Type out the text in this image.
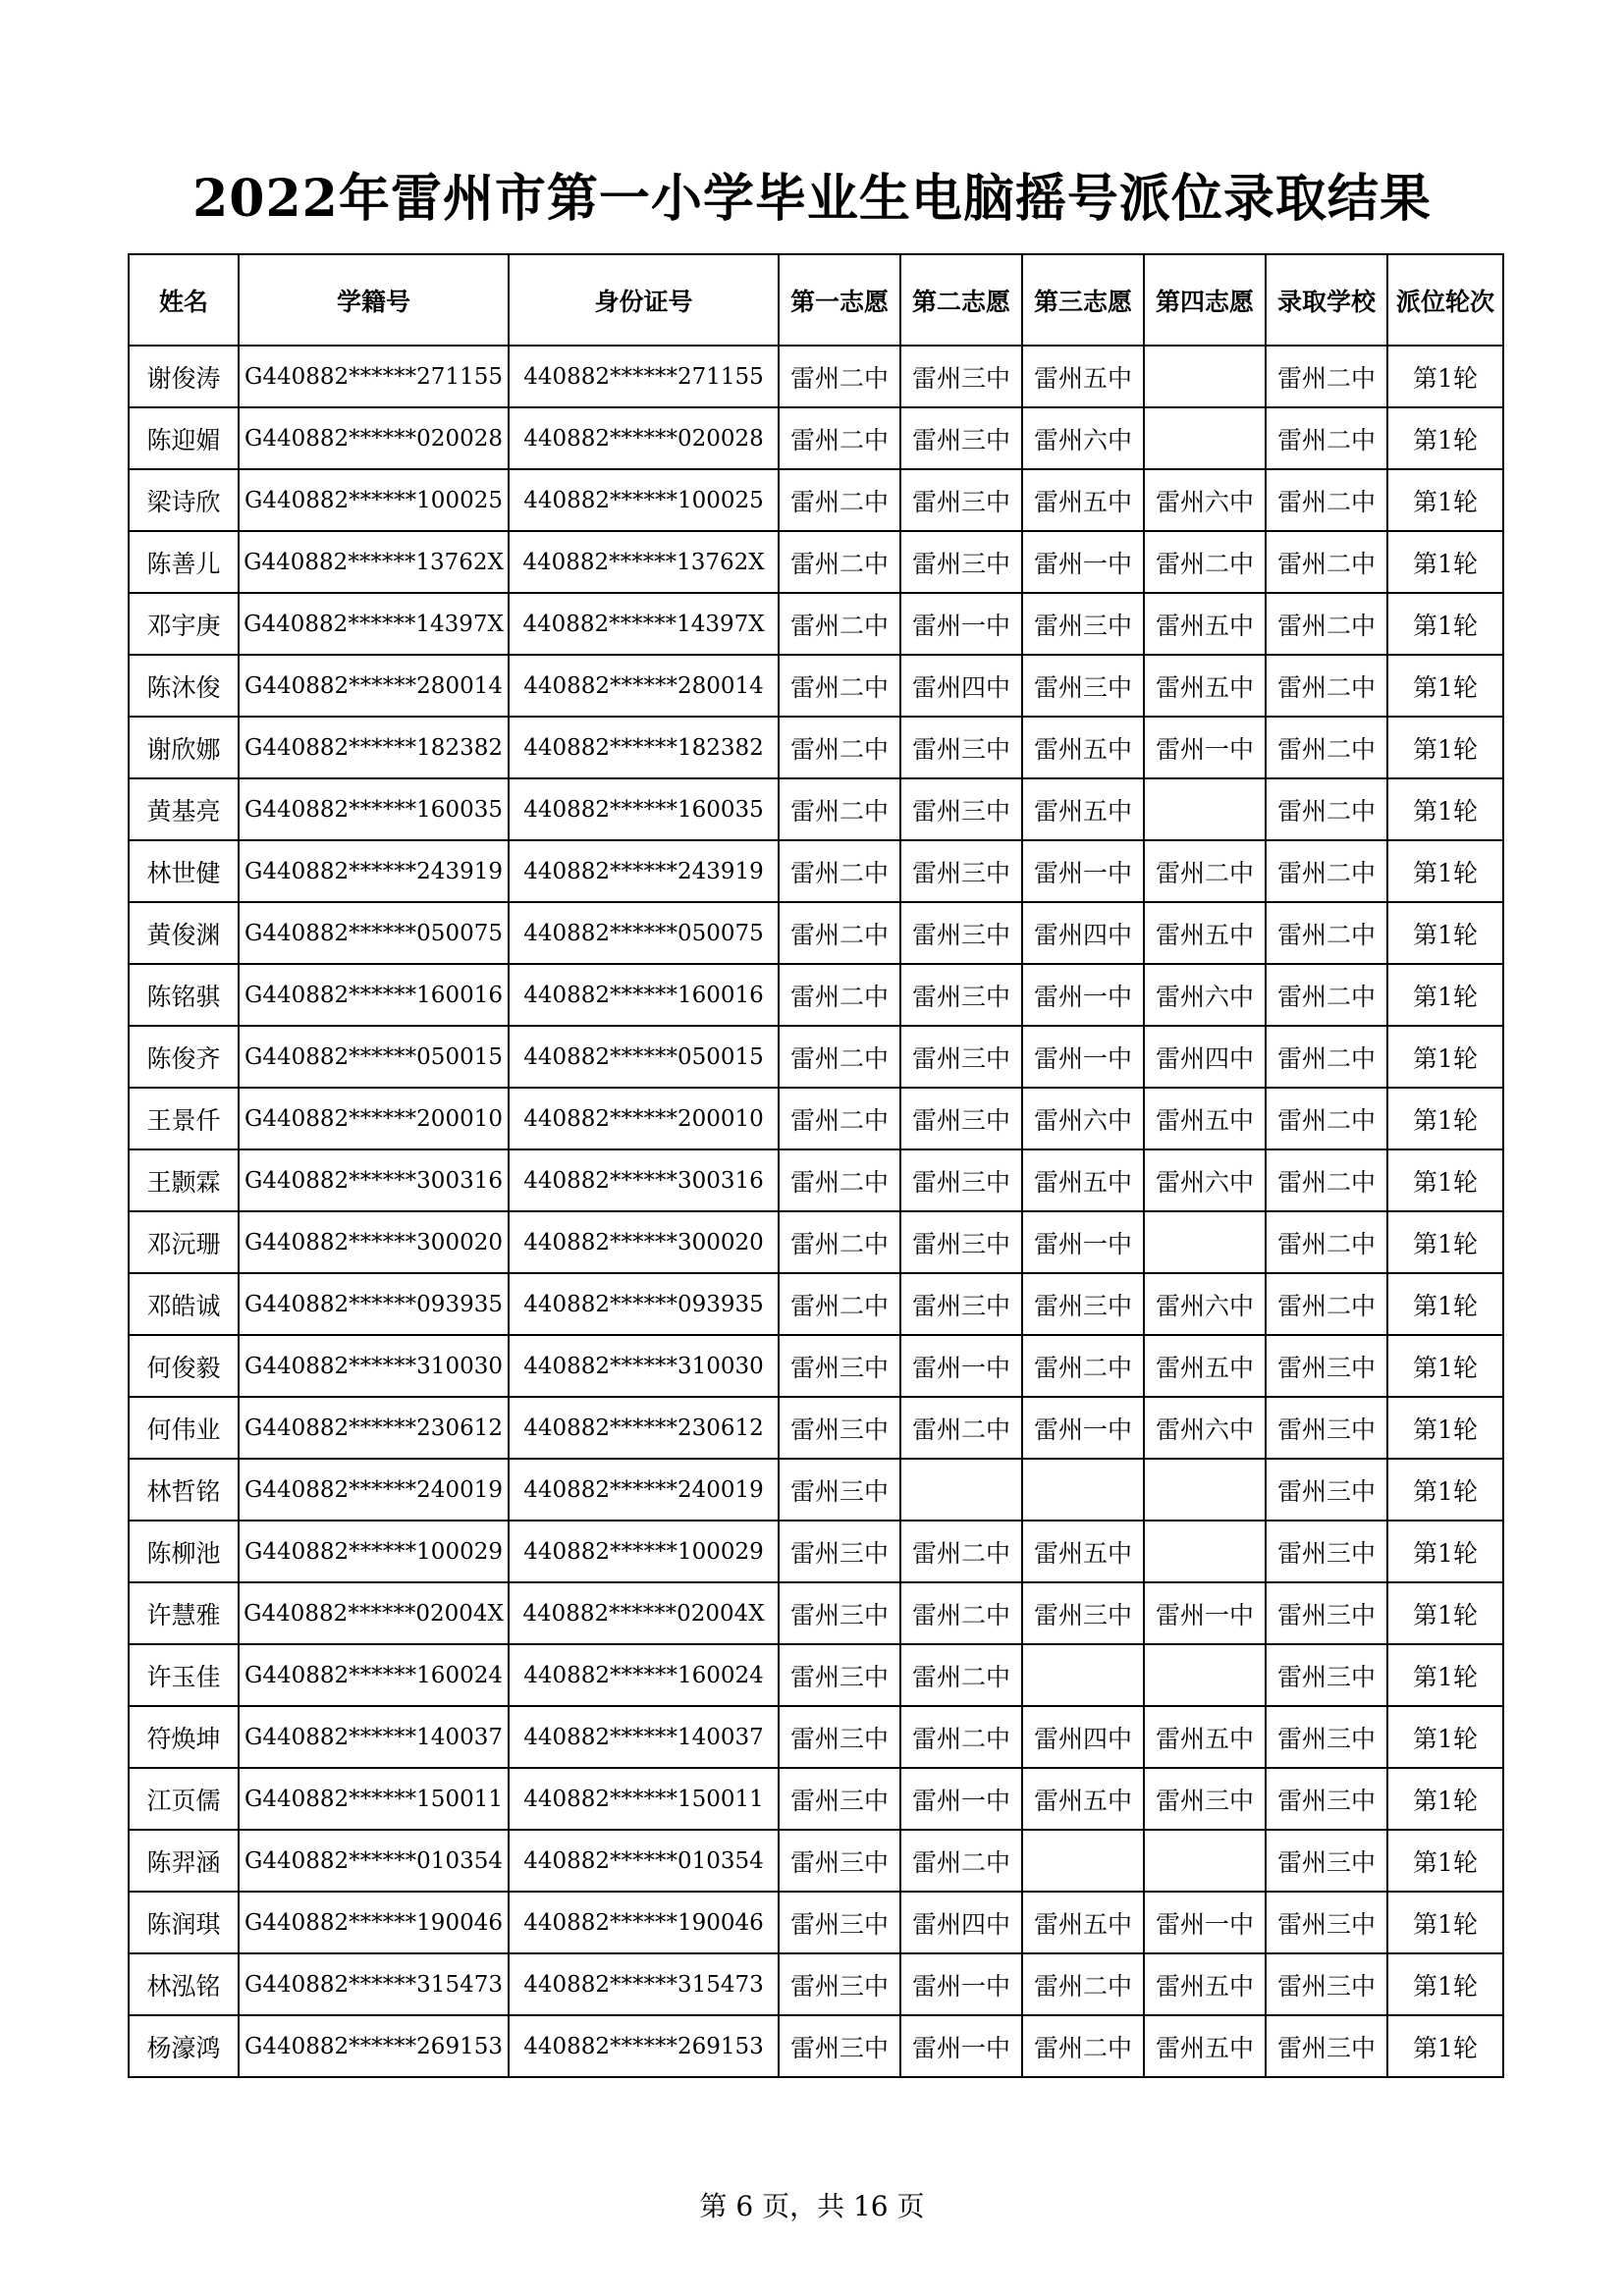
2022年雷州市第一小学毕业生电脑摇号派位录取结果
姓名	学籍号	身份证号	第一志愿	第二志愿	第三志愿	第四志愿	录取学校	派位轮次
谢俊涛	G440882******271155	440882******271155	雷州二中	雷州三中	雷州五中		雷州二中	第1轮
陈迎媚	G440882******020028	440882******020028	雷州二中	雷州三中	雷州六中		雷州二中	第1轮
梁诗欣	G440882******100025	440882******100025	雷州二中	雷州三中	雷州五中	雷州六中	雷州二中	第1轮
陈善儿	G440882******13762X	440882******13762X	雷州二中	雷州三中	雷州一中	雷州二中	雷州二中	第1轮
邓宇庚	G440882******14397X	440882******14397X	雷州二中	雷州一中	雷州三中	雷州五中	雷州二中	第1轮
陈沐俊	G440882******280014	440882******280014	雷州二中	雷州四中	雷州三中	雷州五中	雷州二中	第1轮
谢欣娜	G440882******182382	440882******182382	雷州二中	雷州三中	雷州五中	雷州一中	雷州二中	第1轮
黄基亮	G440882******160035	440882******160035	雷州二中	雷州三中	雷州五中		雷州二中	第1轮
林世健	G440882******243919	440882******243919	雷州二中	雷州三中	雷州一中	雷州二中	雷州二中	第1轮
黄俊渊	G440882******050075	440882******050075	雷州二中	雷州三中	雷州四中	雷州五中	雷州二中	第1轮
陈铭骐	G440882******160016	440882******160016	雷州二中	雷州三中	雷州一中	雷州六中	雷州二中	第1轮
陈俊齐	G440882******050015	440882******050015	雷州二中	雷州三中	雷州一中	雷州四中	雷州二中	第1轮
王景仟	G440882******200010	440882******200010	雷州二中	雷州三中	雷州六中	雷州五中	雷州二中	第1轮
王颢霖	G440882******300316	440882******300316	雷州二中	雷州三中	雷州五中	雷州六中	雷州二中	第1轮
邓沅珊	G440882******300020	440882******300020	雷州二中	雷州三中	雷州一中		雷州二中	第1轮
邓皓诚	G440882******093935	440882******093935	雷州二中	雷州三中	雷州三中	雷州六中	雷州二中	第1轮
何俊毅	G440882******310030	440882******310030	雷州三中	雷州一中	雷州二中	雷州五中	雷州三中	第1轮
何伟业	G440882******230612	440882******230612	雷州三中	雷州二中	雷州一中	雷州六中	雷州三中	第1轮
林哲铭	G440882******240019	440882******240019	雷州三中				雷州三中	第1轮
陈柳池	G440882******100029	440882******100029	雷州三中	雷州二中	雷州五中		雷州三中	第1轮
许慧雅	G440882******02004X	440882******02004X	雷州三中	雷州二中	雷州三中	雷州一中	雷州三中	第1轮
许玉佳	G440882******160024	440882******160024	雷州三中	雷州二中			雷州三中	第1轮
符焕坤	G440882******140037	440882******140037	雷州三中	雷州二中	雷州四中	雷州五中	雷州三中	第1轮
江页儒	G440882******150011	440882******150011	雷州三中	雷州一中	雷州五中	雷州三中	雷州三中	第1轮
陈羿涵	G440882******010354	440882******010354	雷州三中	雷州二中			雷州三中	第1轮
陈润琪	G440882******190046	440882******190046	雷州三中	雷州四中	雷州五中	雷州一中	雷州三中	第1轮
林泓铭	G440882******315473	440882******315473	雷州三中	雷州一中	雷州二中	雷州五中	雷州三中	第1轮
杨濠鸿	G440882******269153	440882******269153	雷州三中	雷州一中	雷州二中	雷州五中	雷州三中	第1轮
第 6 页，共 16 页
